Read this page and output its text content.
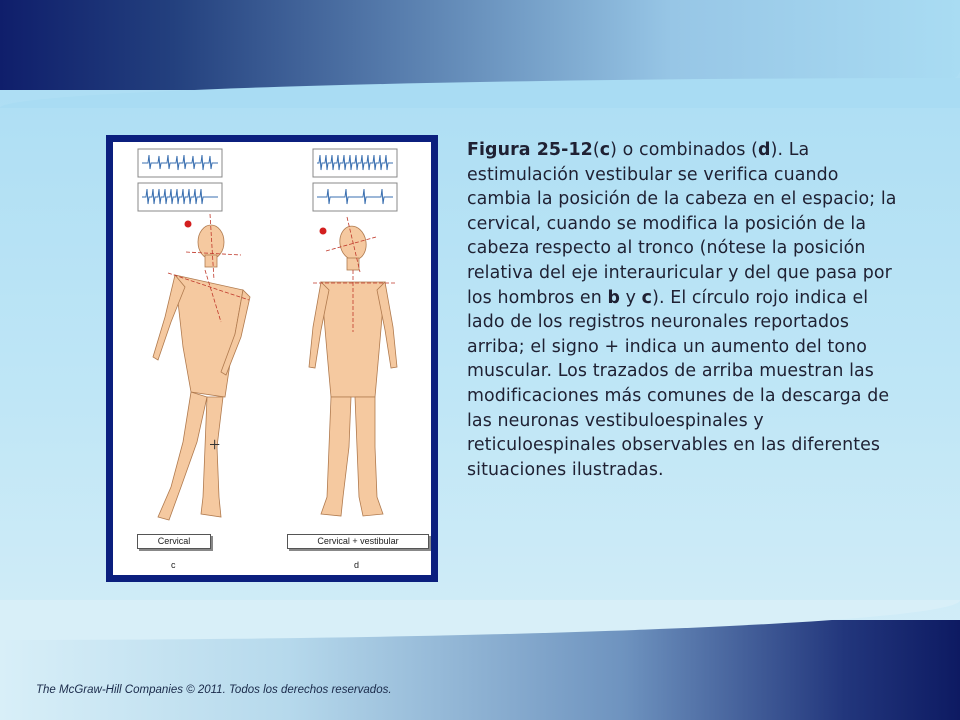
+
Cervical
c
Cervical + vestibular
d
Figura 25-12(c) o combinados (d). La estimulación vestibular se verifica cuando cambia la posición de la cabeza en el espacio; la cervical, cuando se modifica la posición de la cabeza respecto al tronco (nótese la posición relativa del eje interauricular y del que pasa por los hombros en b y c). El círculo rojo indica el lado de los registros neuronales reportados arriba; el signo + indica un aumento del tono muscular. Los trazados de arriba muestran las modificaciones más comunes de la descarga de las neuronas vestibuloespinales y reticuloespinales observables en las diferentes situaciones ilustradas.
The McGraw-Hill Companies © 2011. Todos los derechos reservados.
